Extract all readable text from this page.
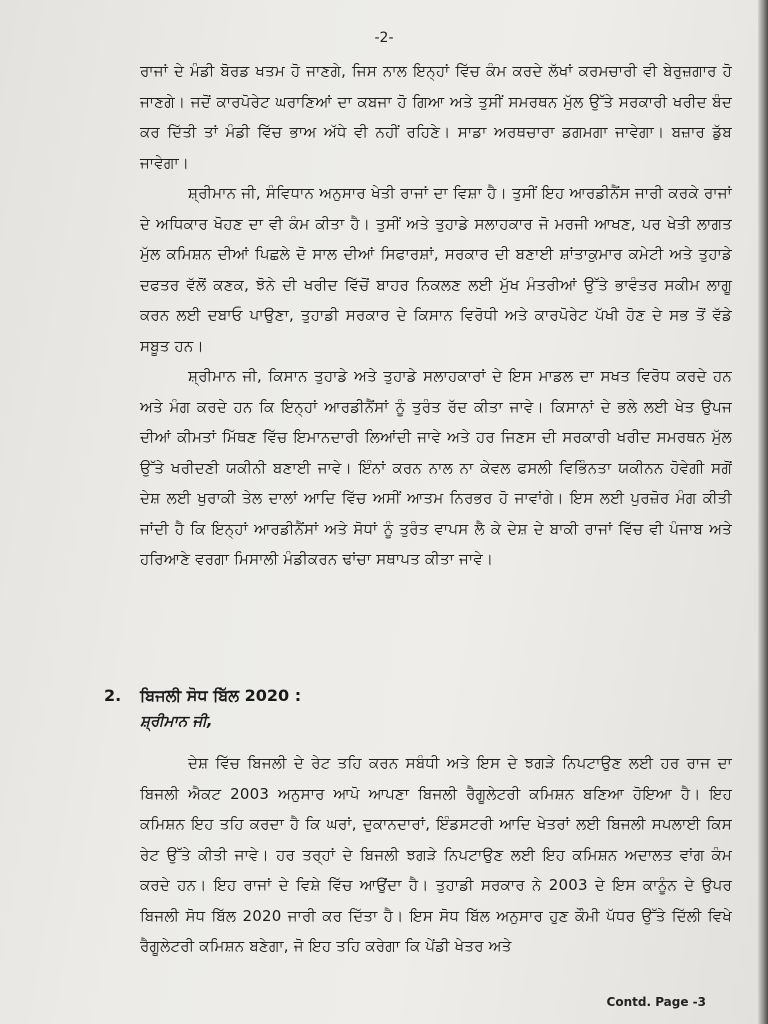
-2-

ਰਾਜਾਂ ਦੇ ਮੰਡੀ ਬੋਰਡ ਖਤਮ ਹੋ ਜਾਣਗੇ, ਜਿਸ ਨਾਲ ਇਨ੍ਹਾਂ ਵਿੱਚ ਕੰਮ ਕਰਦੇ ਲੱਖਾਂ ਕਰਮਚਾਰੀ ਵੀ ਬੇਰੁਜ਼ਗਾਰ ਹੋ ਜਾਣਗੇ। ਜਦੋਂ ਕਾਰਪੋਰੇਟ ਘਰਾਣਿਆਂ ਦਾ ਕਬਜਾ ਹੋ ਗਿਆ ਅਤੇ ਤੁਸੀਂ ਸਮਰਥਨ ਮੁੱਲ ਉੱਤੇ ਸਰਕਾਰੀ ਖਰੀਦ ਬੰਦ ਕਰ ਦਿੱਤੀ ਤਾਂ ਮੰਡੀ ਵਿੱਚ ਭਾਅ ਅੱਧੇ ਵੀ ਨਹੀਂ ਰਹਿਣੇ। ਸਾਡਾ ਅਰਥਚਾਰਾ ਡਗਮਗਾ ਜਾਵੇਗਾ। ਬਜ਼ਾਰ ਡੁੱਬ ਜਾਵੇਗਾ।

ਸ਼੍ਰੀਮਾਨ ਜੀ, ਸੰਵਿਧਾਨ ਅਨੁਸਾਰ ਖੇਤੀ ਰਾਜਾਂ ਦਾ ਵਿਸ਼ਾ ਹੈ। ਤੁਸੀਂ ਇਹ ਆਰਡੀਨੈਂਸ ਜਾਰੀ ਕਰਕੇ ਰਾਜਾਂ ਦੇ ਅਧਿਕਾਰ ਖੋਹਣ ਦਾ ਵੀ ਕੰਮ ਕੀਤਾ ਹੈ। ਤੁਸੀਂ ਅਤੇ ਤੁਹਾਡੇ ਸਲਾਹਕਾਰ ਜੋ ਮਰਜੀ ਆਖਣ, ਪਰ ਖੇਤੀ ਲਾਗਤ ਮੁੱਲ ਕਮਿਸ਼ਨ ਦੀਆਂ ਪਿਛਲੇ ਦੋ ਸਾਲ ਦੀਆਂ ਸਿਫਾਰਸ਼ਾਂ, ਸਰਕਾਰ ਦੀ ਬਣਾਈ ਸ਼ਾਂਤਾਕੁਮਾਰ ਕਮੇਟੀ ਅਤੇ ਤੁਹਾਡੇ ਦਫਤਰ ਵੱਲੋਂ ਕਣਕ, ਝੋਨੇ ਦੀ ਖਰੀਦ ਵਿੱਚੋਂ ਬਾਹਰ ਨਿਕਲਣ ਲਈ ਮੁੱਖ ਮੰਤਰੀਆਂ ਉੱਤੇ ਭਾਵੰਤਰ ਸਕੀਮ ਲਾਗੂ ਕਰਨ ਲਈ ਦਬਾਓ ਪਾਉਣਾ, ਤੁਹਾਡੀ ਸਰਕਾਰ ਦੇ ਕਿਸਾਨ ਵਿਰੋਧੀ ਅਤੇ ਕਾਰਪੋਰੇਟ ਪੱਖੀ ਹੋਣ ਦੇ ਸਭ ਤੋਂ ਵੱਡੇ ਸਬੂਤ ਹਨ।

ਸ਼੍ਰੀਮਾਨ ਜੀ, ਕਿਸਾਨ ਤੁਹਾਡੇ ਅਤੇ ਤੁਹਾਡੇ ਸਲਾਹਕਾਰਾਂ ਦੇ ਇਸ ਮਾਡਲ ਦਾ ਸਖਤ ਵਿਰੋਧ ਕਰਦੇ ਹਨ ਅਤੇ ਮੰਗ ਕਰਦੇ ਹਨ ਕਿ ਇਨ੍ਹਾਂ ਆਰਡੀਨੈਂਸਾਂ ਨੂੰ ਤੁਰੰਤ ਰੱਦ ਕੀਤਾ ਜਾਵੇ। ਕਿਸਾਨਾਂ ਦੇ ਭਲੇ ਲਈ ਖੇਤ ਉਪਜ ਦੀਆਂ ਕੀਮਤਾਂ ਮਿੱਥਣ ਵਿੱਚ ਇਮਾਨਦਾਰੀ ਲਿਆਂਦੀ ਜਾਵੇ ਅਤੇ ਹਰ ਜਿਣਸ ਦੀ ਸਰਕਾਰੀ ਖਰੀਦ ਸਮਰਥਨ ਮੁੱਲ ਉੱਤੇ ਖਰੀਦਣੀ ਯਕੀਨੀ ਬਣਾਈ ਜਾਵੇ। ਇੰਨਾਂ ਕਰਨ ਨਾਲ ਨਾ ਕੇਵਲ ਫਸਲੀ ਵਿਭਿੰਨਤਾ ਯਕੀਨਨ ਹੋਵੇਗੀ ਸਗੋਂ ਦੇਸ਼ ਲਈ ਖੁਰਾਕੀ ਤੇਲ ਦਾਲਾਂ ਆਦਿ ਵਿੱਚ ਅਸੀਂ ਆਤਮ ਨਿਰਭਰ ਹੋ ਜਾਵਾਂਗੇ। ਇਸ ਲਈ ਪੁਰਜ਼ੋਰ ਮੰਗ ਕੀਤੀ ਜਾਂਦੀ ਹੈ ਕਿ ਇਨ੍ਹਾਂ ਆਰਡੀਨੈਂਸਾਂ ਅਤੇ ਸੋਧਾਂ ਨੂੰ ਤੁਰੰਤ ਵਾਪਸ ਲੈ ਕੇ ਦੇਸ਼ ਦੇ ਬਾਕੀ ਰਾਜਾਂ ਵਿੱਚ ਵੀ ਪੰਜਾਬ ਅਤੇ ਹਰਿਆਣੇ ਵਰਗਾ ਮਿਸਾਲੀ ਮੰਡੀਕਰਨ ਢਾਂਚਾ ਸਥਾਪਤ ਕੀਤਾ ਜਾਵੇ।

2. ਬਿਜਲੀ ਸੋਧ ਬਿੱਲ 2020 :
ਸ਼੍ਰੀਮਾਨ ਜੀ,

ਦੇਸ਼ ਵਿੱਚ ਬਿਜਲੀ ਦੇ ਰੇਟ ਤਹਿ ਕਰਨ ਸਬੰਧੀ ਅਤੇ ਇਸ ਦੇ ਝਗੜੇ ਨਿਪਟਾਉਣ ਲਈ ਹਰ ਰਾਜ ਦਾ ਬਿਜਲੀ ਐਕਟ 2003 ਅਨੁਸਾਰ ਆਪੋ ਆਪਣਾ ਬਿਜਲੀ ਰੈਗੂਲੇਟਰੀ ਕਮਿਸ਼ਨ ਬਣਿਆ ਹੋਇਆ ਹੈ। ਇਹ ਕਮਿਸ਼ਨ ਇਹ ਤਹਿ ਕਰਦਾ ਹੈ ਕਿ ਘਰਾਂ, ਦੁਕਾਨਦਾਰਾਂ, ਇੰਡਸਟਰੀ ਆਦਿ ਖੇਤਰਾਂ ਲਈ ਬਿਜਲੀ ਸਪਲਾਈ ਕਿਸ ਰੇਟ ਉੱਤੇ ਕੀਤੀ ਜਾਵੇ। ਹਰ ਤਰ੍ਹਾਂ ਦੇ ਬਿਜਲੀ ਝਗੜੇ ਨਿਪਟਾਉਣ ਲਈ ਇਹ ਕਮਿਸ਼ਨ ਅਦਾਲਤ ਵਾਂਗ ਕੰਮ ਕਰਦੇ ਹਨ। ਇਹ ਰਾਜਾਂ ਦੇ ਵਿਸ਼ੇ ਵਿੱਚ ਆਉਂਦਾ ਹੈ। ਤੁਹਾਡੀ ਸਰਕਾਰ ਨੇ 2003 ਦੇ ਇਸ ਕਾਨੂੰਨ ਦੇ ਉਪਰ ਬਿਜਲੀ ਸੋਧ ਬਿੱਲ 2020 ਜਾਰੀ ਕਰ ਦਿੱਤਾ ਹੈ। ਇਸ ਸੋਧ ਬਿੱਲ ਅਨੁਸਾਰ ਹੁਣ ਕੌਮੀ ਪੱਧਰ ਉੱਤੇ ਦਿੱਲੀ ਵਿਖੇ ਰੈਗੂਲੇਟਰੀ ਕਮਿਸ਼ਨ ਬਣੇਗਾ, ਜੋ ਇਹ ਤਹਿ ਕਰੇਗਾ ਕਿ ਪੇਂਡੀ ਖੇਤਰ ਅਤੇ

Contd. Page -3
